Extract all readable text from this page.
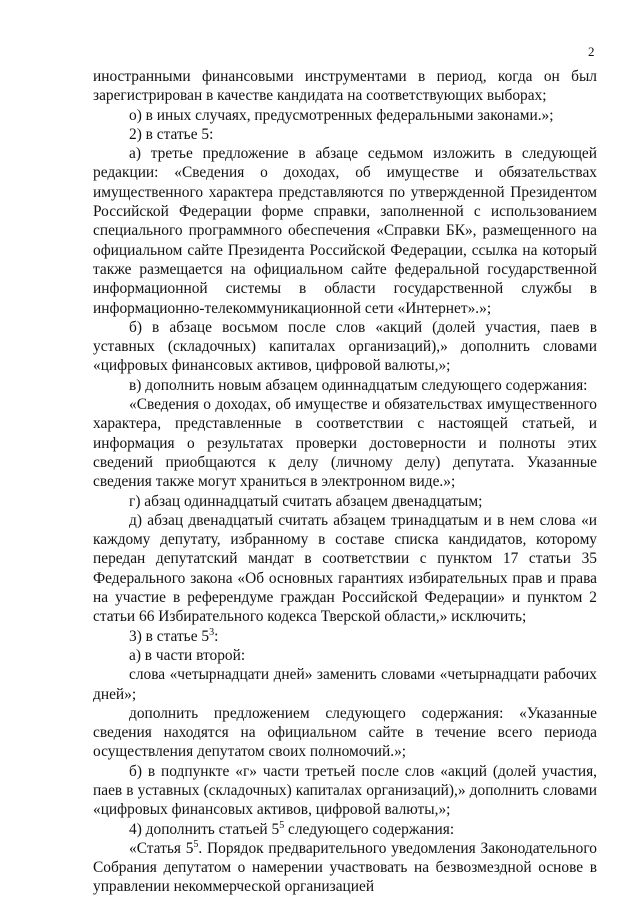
2

иностранными финансовыми инструментами в период, когда он был зарегистрирован в качестве кандидата на соответствующих выборах;

о) в иных случаях, предусмотренных федеральными законами.»;

2) в статье 5:

а) третье предложение в абзаце седьмом изложить в следующей редакции: «Сведения о доходах, об имуществе и обязательствах имущественного характера представляются по утвержденной Президентом Российской Федерации форме справки, заполненной с использованием специального программного обеспечения «Справки БК», размещенного на официальном сайте Президента Российской Федерации, ссылка на который также размещается на официальном сайте федеральной государственной информационной системы в области государственной службы в информационно-телекоммуникационной сети «Интернет».»;

б) в абзаце восьмом после слов «акций (долей участия, паев в уставных (складочных) капиталах организаций),» дополнить словами «цифровых финансовых активов, цифровой валюты,»;

в) дополнить новым абзацем одиннадцатым следующего содержания:

«Сведения о доходах, об имуществе и обязательствах имущественного характера, представленные в соответствии с настоящей статьей, и информация о результатах проверки достоверности и полноты этих сведений приобщаются к делу (личному делу) депутата. Указанные сведения также могут храниться в электронном виде.»;

г) абзац одиннадцатый считать абзацем двенадцатым;

д) абзац двенадцатый считать абзацем тринадцатым и в нем слова «и каждому депутату, избранному в составе списка кандидатов, которому передан депутатский мандат в соответствии с пунктом 17 статьи 35 Федерального закона «Об основных гарантиях избирательных прав и права на участие в референдуме граждан Российской Федерации» и пунктом 2 статьи 66 Избирательного кодекса Тверской области,» исключить;

3) в статье $5^3$:

а) в части второй:

слова «четырнадцати дней» заменить словами «четырнадцати рабочих дней»;

дополнить предложением следующего содержания: «Указанные сведения находятся на официальном сайте в течение всего периода осуществления депутатом своих полномочий.»;

б) в подпункте «г» части третьей после слов «акций (долей участия, паев в уставных (складочных) капиталах организаций),» дополнить словами «цифровых финансовых активов, цифровой валюты,»;

4) дополнить статьей $5^5$ следующего содержания:

«Статья $5^5$. Порядок предварительного уведомления Законодательного Собрания депутатом о намерении участвовать на безвозмездной основе в управлении некоммерческой организацией
